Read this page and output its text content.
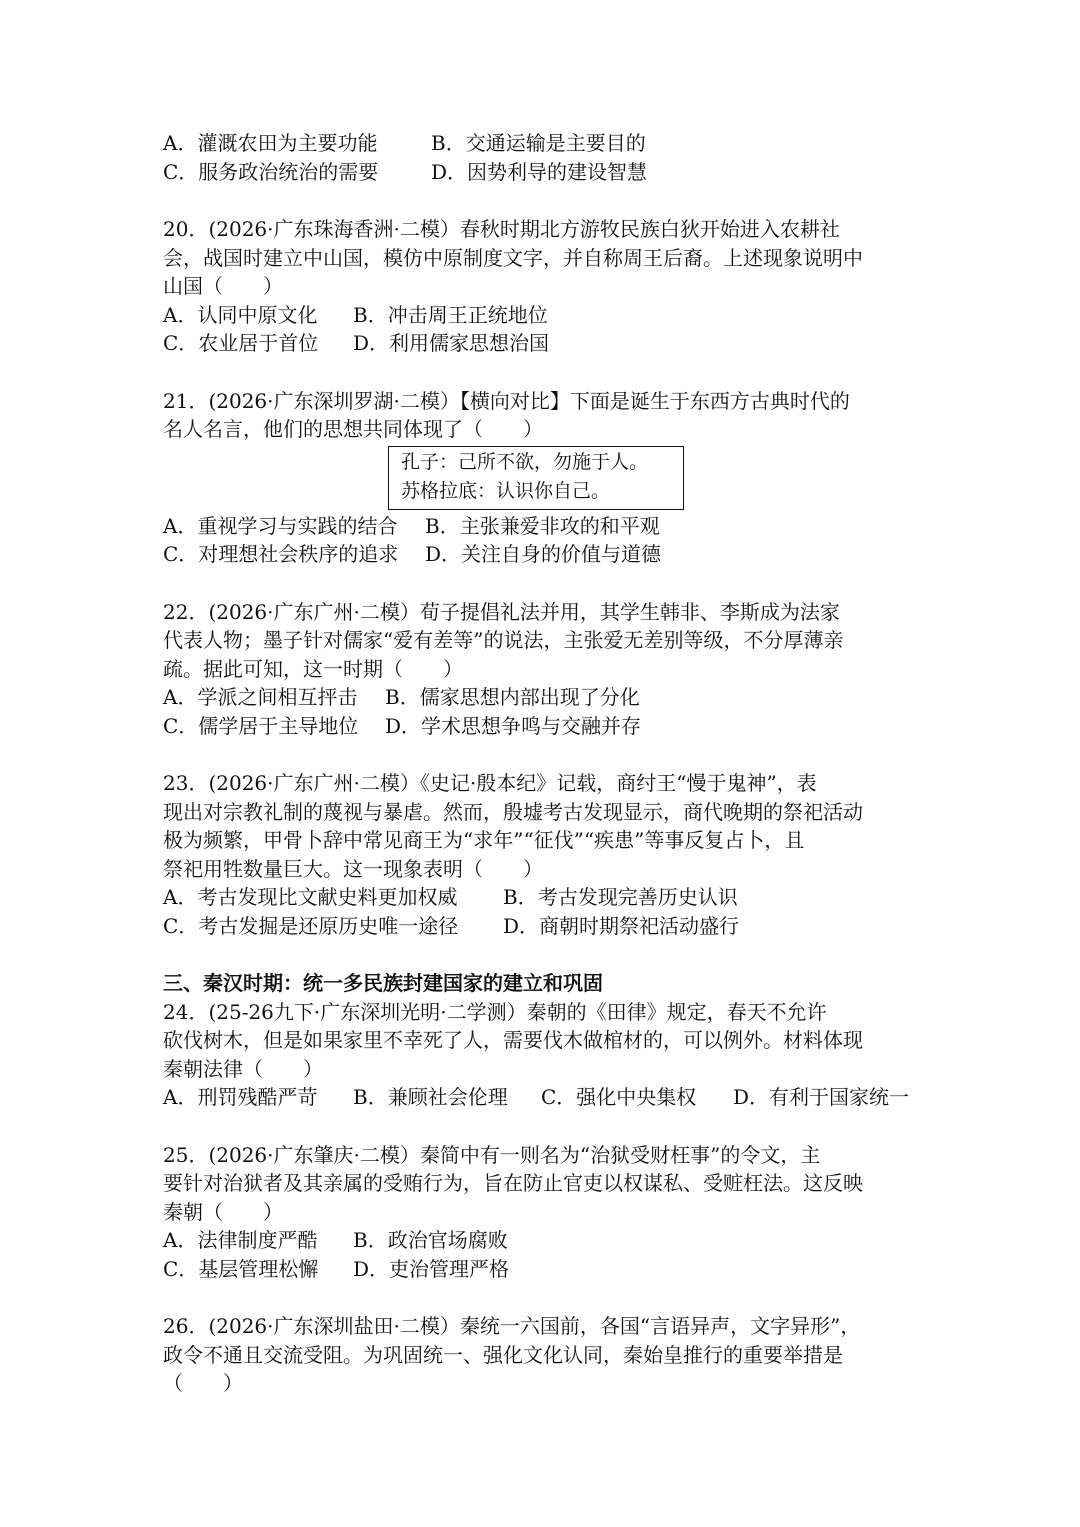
A．灌溉农田为主要功能	B．交通运输是主要目的
C．服务政治统治的需要	D．因势利导的建设智慧
20．(2026·广东珠海香洲·二模）春秋时期北方游牧民族白狄开始进入农耕社
会，战国时建立中山国，模仿中原制度文字，并自称周王后裔。上述现象说明中
山国（　　）
A．认同中原文化	B．冲击周王正统地位
C．农业居于首位	D．利用儒家思想治国
21．(2026·广东深圳罗湖·二模）【横向对比】下面是诞生于东西方古典时代的
名人名言，他们的思想共同体现了（　　）
孔子：己所不欲，勿施于人。
苏格拉底：认识你自己。
A．重视学习与实践的结合	B．主张兼爱非攻的和平观
C．对理想社会秩序的追求	D．关注自身的价值与道德
22．(2026·广东广州·二模）荀子提倡礼法并用，其学生韩非、李斯成为法家
代表人物；墨子针对儒家“爱有差等”的说法，主张爱无差别等级，不分厚薄亲
疏。据此可知，这一时期（　　）
A．学派之间相互抨击	B．儒家思想内部出现了分化
C．儒学居于主导地位	D．学术思想争鸣与交融并存
23．(2026·广东广州·二模）《史记·殷本纪》记载，商纣王“慢于鬼神”，表
现出对宗教礼制的蔑视与暴虐。然而，殷墟考古发现显示，商代晚期的祭祀活动
极为频繁，甲骨卜辞中常见商王为“求年”“征伐”“疾患”等事反复占卜，且
祭祀用牲数量巨大。这一现象表明（　　）
A．考古发现比文献史料更加权威	B．考古发现完善历史认识
C．考古发掘是还原历史唯一途径	D．商朝时期祭祀活动盛行
三、秦汉时期：统一多民族封建国家的建立和巩固
24．(25-26九下·广东深圳光明·二学测）秦朝的《田律》规定，春天不允许
砍伐树木，但是如果家里不幸死了人，需要伐木做棺材的，可以例外。材料体现
秦朝法律（　　）
A．刑罚残酷严苛	B．兼顾社会伦理	C．强化中央集权	D．有利于国家统一
25．(2026·广东肇庆·二模）秦简中有一则名为“治狱受财枉事”的令文，主
要针对治狱者及其亲属的受贿行为，旨在防止官吏以权谋私、受赃枉法。这反映
秦朝（　　）
A．法律制度严酷	B．政治官场腐败
C．基层管理松懈	D．吏治管理严格
26．(2026·广东深圳盐田·二模）秦统一六国前，各国“言语异声，文字异形”，
政令不通且交流受阻。为巩固统一、强化文化认同，秦始皇推行的重要举措是
（　　）
